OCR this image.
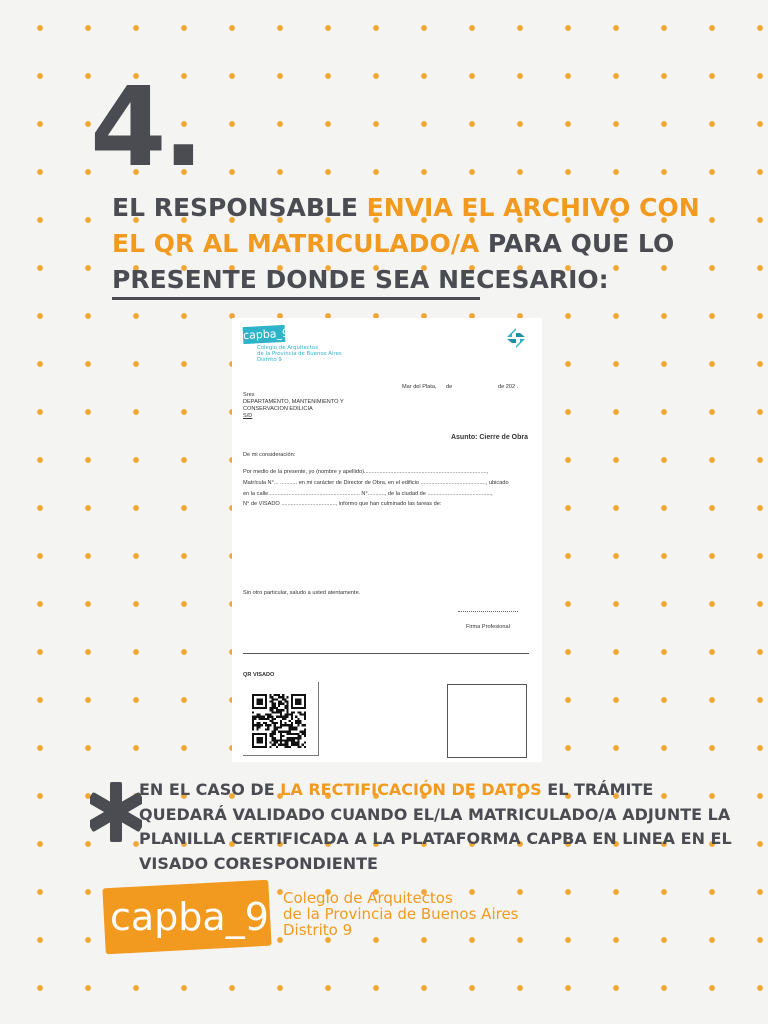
4.
EL RESPONSABLE ENVIA EL ARCHIVO CON EL QR AL MATRICULADO/A PARA QUE LO PRESENTE DONDE SEA NECESARIO:
capba_9
Colegio de Arquitectos
de la Provincia de Buenos Aires
Distrito 9
Mar del Plata, de	de 202 .
Sres
DEPARTAMENTO, MANTENIMIENTO Y
CONSERVACION EDILICIA
S/D
Asunto: Cierre de Obra
De mi consideración:
Por medio de la presente, yo (nombre y apellido)...............................................................................,
Matrícula N°... ........... en mi carácter de Director de Obra, en el edificio .........................................., ubicado
en la calle........................................................... N°..........., de la ciudad de .........................................,
N° de VISADO ..................................., informo que han culminado las tareas de:
Sin otro particular, saludo a usted atentamente.
Firma Profesional
QR VISADO
EN EL CASO DE LA RECTIFICACIÓN DE DATOS EL TRÁMITE QUEDARÁ VALIDADO CUANDO EL/LA MATRICULADO/A ADJUNTE LA PLANILLA CERTIFICADA A LA PLATAFORMA CAPBA EN LINEA EN EL VISADO CORESPONDIENTE
capba_9 Colegio de Arquitectos
de la Provincia de Buenos Aires
Distrito 9
